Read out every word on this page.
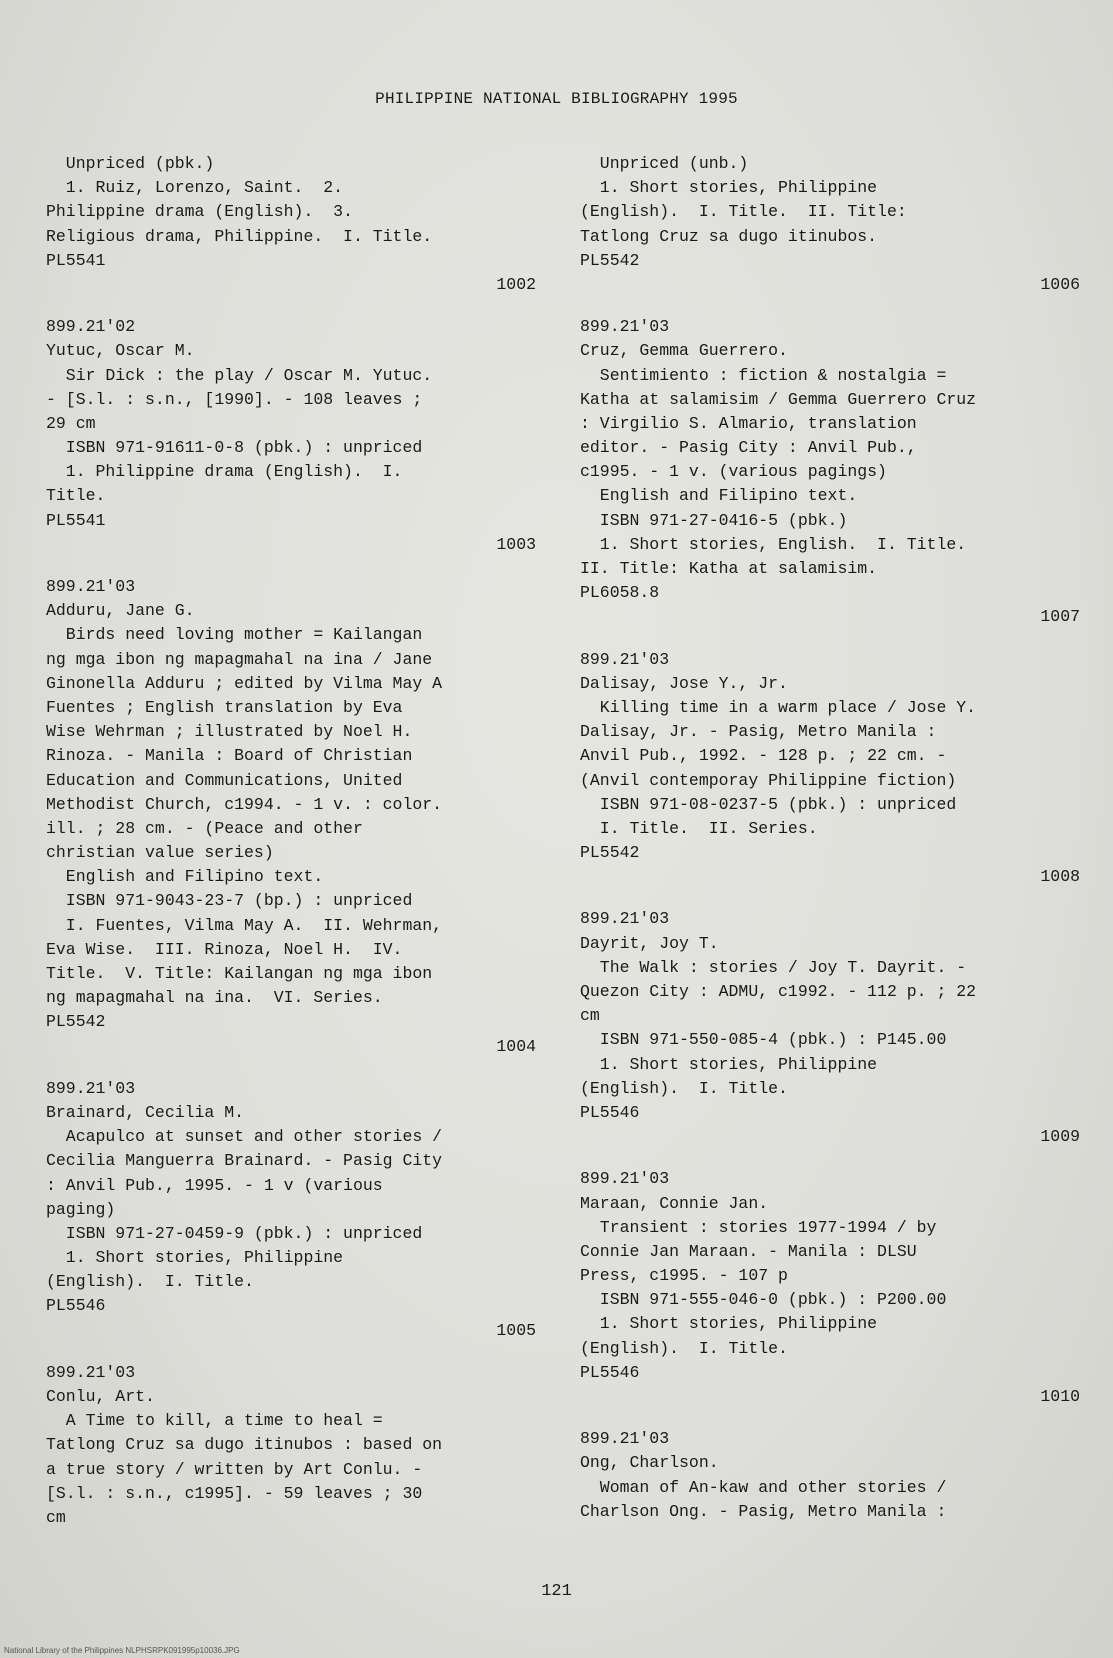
PHILIPPINE NATIONAL BIBLIOGRAPHY 1995
Unpriced (pbk.)
1. Ruiz, Lorenzo, Saint.  2.
Philippine drama (English).  3.
Religious drama, Philippine.  I. Title.
PL5541
1002
899.21'02
Yutuc, Oscar M.
Sir Dick : the play / Oscar M. Yutuc.
- [S.l. : s.n., [1990]. - 108 leaves ;
29 cm
ISBN 971-91611-0-8 (pbk.) : unpriced
1. Philippine drama (English).  I.
Title.
PL5541
1003
899.21'03
Adduru, Jane G.
Birds need loving mother = Kailangan
ng mga ibon ng mapagmahal na ina / Jane
Ginonella Adduru ; edited by Vilma May A
Fuentes ; English translation by Eva
Wise Wehrman ; illustrated by Noel H.
Rinoza. - Manila : Board of Christian
Education and Communications, United
Methodist Church, c1994. - 1 v. : color.
ill. ; 28 cm. - (Peace and other
christian value series)
English and Filipino text.
ISBN 971-9043-23-7 (bp.) : unpriced
I. Fuentes, Vilma May A.  II. Wehrman,
Eva Wise.  III. Rinoza, Noel H.  IV.
Title.  V. Title: Kailangan ng mga ibon
ng mapagmahal na ina.  VI. Series.
PL5542
1004
899.21'03
Brainard, Cecilia M.
Acapulco at sunset and other stories /
Cecilia Manguerra Brainard. - Pasig City
: Anvil Pub., 1995. - 1 v (various
paging)
ISBN 971-27-0459-9 (pbk.) : unpriced
1. Short stories, Philippine
(English).  I. Title.
PL5546
1005
899.21'03
Conlu, Art.
A Time to kill, a time to heal =
Tatlong Cruz sa dugo itinubos : based on
a true story / written by Art Conlu. -
[S.l. : s.n., c1995]. - 59 leaves ; 30
cm
Unpriced (unb.)
1. Short stories, Philippine
(English).  I. Title.  II. Title:
Tatlong Cruz sa dugo itinubos.
PL5542
1006
899.21'03
Cruz, Gemma Guerrero.
Sentimiento : fiction & nostalgia =
Katha at salamisim / Gemma Guerrero Cruz
: Virgilio S. Almario, translation
editor. - Pasig City : Anvil Pub.,
c1995. - 1 v. (various pagings)
English and Filipino text.
ISBN 971-27-0416-5 (pbk.)
1. Short stories, English.  I. Title.
II. Title: Katha at salamisim.
PL6058.8
1007
899.21'03
Dalisay, Jose Y., Jr.
Killing time in a warm place / Jose Y.
Dalisay, Jr. - Pasig, Metro Manila :
Anvil Pub., 1992. - 128 p. ; 22 cm. -
(Anvil contemporay Philippine fiction)
ISBN 971-08-0237-5 (pbk.) : unpriced
I. Title.  II. Series.
PL5542
1008
899.21'03
Dayrit, Joy T.
The Walk : stories / Joy T. Dayrit. -
Quezon City : ADMU, c1992. - 112 p. ; 22
cm
ISBN 971-550-085-4 (pbk.) : P145.00
1. Short stories, Philippine
(English).  I. Title.
PL5546
1009
899.21'03
Maraan, Connie Jan.
Transient : stories 1977-1994 / by
Connie Jan Maraan. - Manila : DLSU
Press, c1995. - 107 p
ISBN 971-555-046-0 (pbk.) : P200.00
1. Short stories, Philippine
(English).  I. Title.
PL5546
1010
899.21'03
Ong, Charlson.
Woman of An-kaw and other stories /
Charlson Ong. - Pasig, Metro Manila :
121
National Library of the Philippines NLPHSRPK091995p10036.JPG
